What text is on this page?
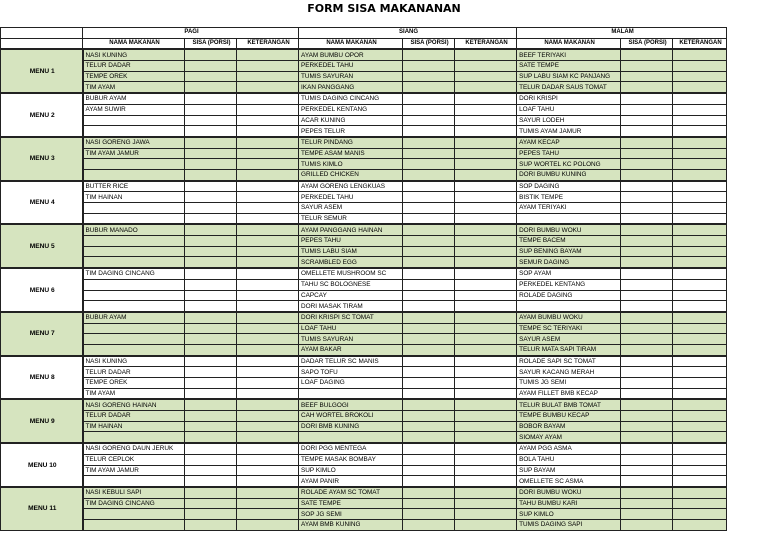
FORM SISA MAKANANAN
	PAGI			SIANG			MALAM		
	NAMA MAKANAN	SISA (PORSI)	KETERANGAN	NAMA MAKANAN	SISA (PORSI)	KETERANGAN	NAMA MAKANAN	SISA (PORSI)	KETERANGAN
MENU 1	NASI KUNING			AYAM BUMBU OPOR			BEEF TERIYAKI		
	TELUR DADAR			PERKEDEL TAHU			SATE TEMPE		
	TEMPE OREK			TUMIS SAYURAN			SUP LABU SIAM KC PANJANG		
	TIM AYAM			IKAN PANGGANG			TELUR DADAR SAUS TOMAT		
MENU 2	BUBUR AYAM			TUMIS DAGING CINCANG			DORI KRISPI		
	AYAM SUWIR			PERKEDEL KENTANG			LOAF TAHU		
				ACAR KUNING			SAYUR LODEH		
				PEPES TELUR			TUMIS AYAM JAMUR		
MENU 3	NASI GORENG JAWA			TELUR PINDANG			AYAM KECAP		
	TIM AYAM JAMUR			TEMPE ASAM MANIS			PEPES TAHU		
				TUMIS KIMLO			SUP WORTEL KC POLONG		
				GRILLED CHICKEN			DORI BUMBU KUNING		
MENU 4	BUTTER RICE			AYAM GORENG LENGKUAS			SOP DAGING		
	TIM HAINAN			PERKEDEL TAHU			BISTIK TEMPE		
				SAYUR ASEM			AYAM TERIYAKI		
				TELUR SEMUR					
MENU 5	BUBUR MANADO			AYAM PANGGANG HAINAN			DORI BUMBU WOKU		
				PEPES TAHU			TEMPE BACEM		
				TUMIS LABU SIAM			SUP BENING BAYAM		
				SCRAMBLED EGG			SEMUR DAGING		
MENU 6	TIM DAGING CINCANG			OMELLETE MUSHROOM SC			SOP AYAM		
				TAHU SC BOLOGNESE			PERKEDEL KENTANG		
				CAPCAY			ROLADE DAGING		
				DORI MASAK TIRAM					
MENU 7	BUBUR AYAM			DORI KRISPI SC TOMAT			AYAM BUMBU WOKU		
				LOAF TAHU			TEMPE SC TERIYAKI		
				TUMIS SAYURAN			SAYUR ASEM		
				AYAM BAKAR			TELUR MATA SAPI TIRAM		
MENU 8	NASI KUNING			DADAR TELUR SC MANIS			ROLADE SAPI SC TOMAT		
	TELUR DADAR			SAPO TOFU			SAYUR KACANG MERAH		
	TEMPE OREK			LOAF DAGING			TUMIS JG SEMI		
	TIM AYAM						AYAM FILLET BMB KECAP		
MENU 9	NASI GORENG HAINAN			BEEF BULGOGI			TELUR BULAT BMB TOMAT		
	TELUR DADAR			CAH WORTEL BROKOLI			TEMPE BUMBU KECAP		
	TIM HAINAN			DORI BMB KUNING			BOBOR BAYAM		
							SIOMAY AYAM		
MENU 10	NASI GORENG DAUN JERUK			DORI PGG MENTEGA			AYAM PGG ASMA		
	TELUR CEPLOK			TEMPE MASAK BOMBAY			BOLA TAHU		
	TIM AYAM JAMUR			SUP KIMLO			SUP BAYAM		
				AYAM PANIR			OMELLETE SC ASMA		
MENU 11	NASI KEBULI SAPI			ROLADE AYAM SC TOMAT			DORI BUMBU WOKU		
	TIM DAGING CINCANG			SATE TEMPE			TAHU BUMBU KARI		
				SOP JG SEMI			SUP KIMLO		
				AYAM BMB KUNING			TUMIS DAGING SAPI		
